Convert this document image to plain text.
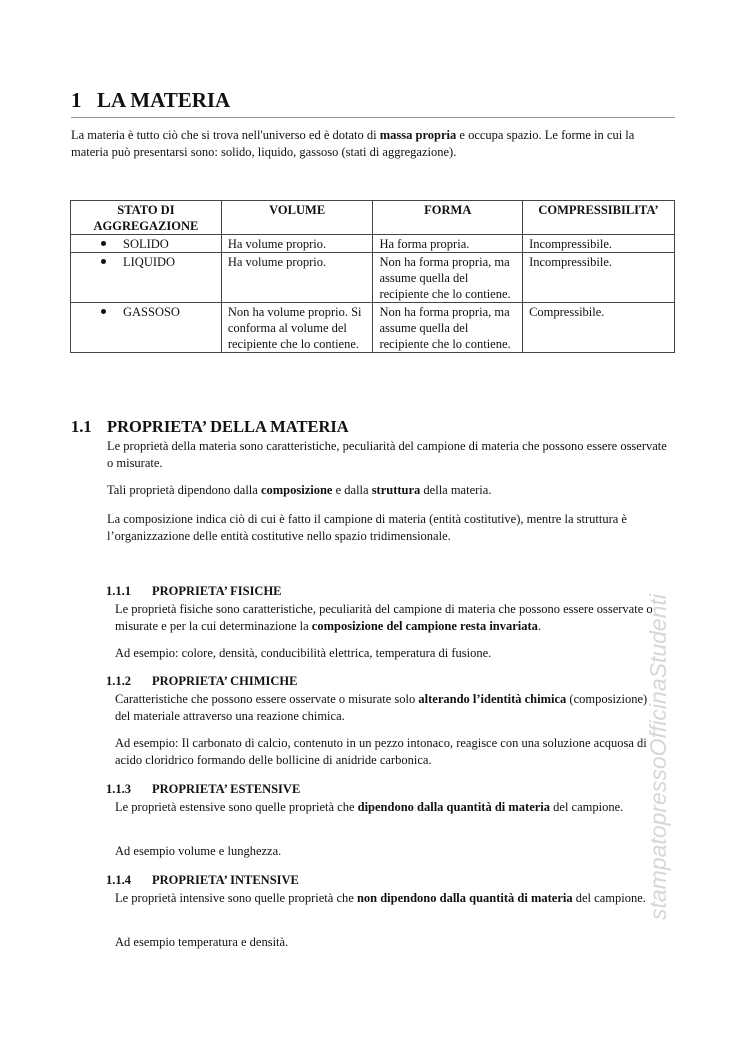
1 LA MATERIA
La materia è tutto ciò che si trova nell'universo ed è dotato di massa propria e occupa spazio. Le forme in cui la materia può presentarsi sono: solido, liquido, gassoso (stati di aggregazione).
STATO DI AGGREGAZIONE	VOLUME	FORMA	COMPRESSIBILITA’

SOLIDO	Ha volume proprio.	Ha forma propria.	Incompressibile.

LIQUIDO	Ha volume proprio.	Non ha forma propria, ma assume quella del recipiente che lo contiene.	Incompressibile.

GASSOSO	Non ha volume proprio. Si conforma al volume del recipiente che lo contiene.	Non ha forma propria, ma assume quella del recipiente che lo contiene.	Compressibile.
1.1 PROPRIETA’ DELLA MATERIA
Le proprietà della materia sono caratteristiche, peculiarità del campione di materia che possono essere osservate o misurate.
Tali proprietà dipendono dalla composizione e dalla struttura della materia.
La composizione indica ciò di cui è fatto il campione di materia (entità costitutive), mentre la struttura è l’organizzazione delle entità costitutive nello spazio tridimensionale.
1.1.1 PROPRIETA’ FISICHE
Le proprietà fisiche sono caratteristiche, peculiarità del campione di materia che possono essere osservate o misurate e per la cui determinazione la composizione del campione resta invariata.
Ad esempio: colore, densità, conducibilità elettrica, temperatura di fusione.
1.1.2 PROPRIETA’ CHIMICHE
Caratteristiche che possono essere osservate o misurate solo alterando l’identità chimica (composizione) del materiale attraverso una reazione chimica.
Ad esempio: Il carbonato di calcio, contenuto in un pezzo intonaco, reagisce con una soluzione acquosa di acido cloridrico formando delle bollicine di anidride carbonica.
1.1.3 PROPRIETA’ ESTENSIVE
Le proprietà estensive sono quelle proprietà che dipendono dalla quantità di materia del campione.
Ad esempio volume e lunghezza.
1.1.4 PROPRIETA’ INTENSIVE
Le proprietà intensive sono quelle proprietà che non dipendono dalla quantità di materia del campione.
Ad esempio temperatura e densità.
stampatopressoOfficinaStudenti
